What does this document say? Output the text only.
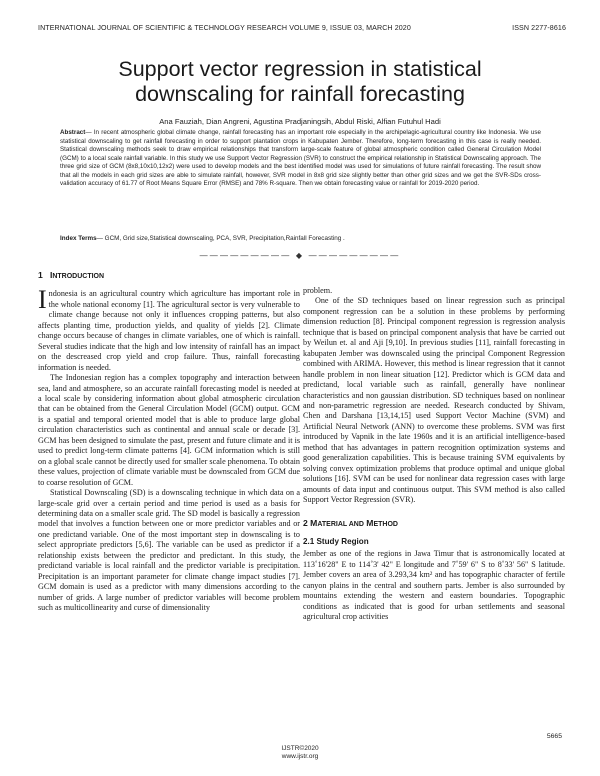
INTERNATIONAL JOURNAL OF SCIENTIFIC & TECHNOLOGY RESEARCH VOLUME 9, ISSUE 03, MARCH 2020	ISSN 2277-8616
Support vector regression in statistical downscaling for rainfall forecasting
Ana Fauziah, Dian Angreni, Agustina Pradjaningsih, Abdul Riski, Alfian Futuhul Hadi
Abstract— In recent atmospheric global climate change, rainfall forecasting has an important role especially in the archipelagic-agricultural country like Indonesia. We use statistical downscaling to get rainfall forecasting in order to support plantation crops in Kabupaten Jember. Therefore, long-term forecasting in this case is really needed. Statistical downscaling methods seek to draw empirical relationships that transform large-scale feature of global atmospheric condition called General Circulation Model (GCM) to a local scale rainfall variable. In this study we use Support Vector Regression (SVR) to construct the empirical relationship in Statistical Downscaling approach. The three grid size of GCM (8x8,10x10,12x2) were used to develop models and the best identified model was used for simulations of future rainfall forecasting. The result show that all the models in each grid sizes are able to simulate rainfall, however, SVR model in 8x8 grid size slightly better than other grid sizes and we get the SVR-SDs cross-validation accuracy of 61.77 of Root Means Square Error (RMSE) and 78% R-square. Then we obtain forecasting value or rainfall for 2019-2020 period.
Index Terms— GCM, Grid size,Statistical downscaling, PCA, SVR, Precipitation,Rainfall Forecasting .
————————— ◆ —————————
1 INTRODUCTION

Indonesia is an agricultural country which agriculture has important role in the whole national economy [1]. The agricultural sector is very vulnerable to climate change because not only it influences cropping patterns, but also affects planting time, production yields, and quality of yields [2]. Climate change occurs because of changes in climate variables, one of which is rainfall. Several studies indicate that the high and low intensity of rainfall has an impact on the descreased crop yield and crop failure. Thus, rainfall forecasting information is needed.

The Indonesian region has a complex topography and interaction between sea, land and atmosphere, so an accurate rainfall forecasting model is needed at a local scale by considering information about global atmospheric circulation that can be obtained from the General Circulation Model (GCM) output. GCM is a spatial and temporal oriented model that is able to produce large global circulation characteristics such as continental and annual scale or decade [3]. GCM has been designed to simulate the past, present and future climate and it is used to predict long-term climate patterns [4]. GCM information which is still on a global scale cannot be directly used for smaller scale phenomena. To obtain these values, projection of climate variable must be downscaled from GCM due to coarse resolution of GCM.

Statistical Downscaling (SD) is a downscaling technique in which data on a large-scale grid over a certain period and time period is used as a basis for determining data on a smaller scale grid. The SD model is basically a regression model that involves a function between one or more predictor variables and or one predictand variable. One of the most important step in downscaling is to select appropriate predictors [5,6]. The variable can be used as predictor if a relationship exists between the predictor and predictant. In this study, the predictand variable is local rainfall and the predictor variable is precipitation. Precipitation is an important parameter for climate change impact studies [7]. GCM domain is used as a predictor with many dimensions according to the number of grids. A large number of predictor variables will become problem such as multicollinearity and curse of dimensionality

problem.

One of the SD techniques based on linear regression such as principal component regression can be a solution in these problems by performing dimension reduction [8]. Principal component regression is regression analysis technique that is based on principal component analysis that have be carried out by Weilun et. al and Aji [9,10]. In previous studies [11], rainfall forecasting in kabupaten Jember was downscaled using the principal Component Regression combined with ARIMA. However, this method is linear regression that it cannot handle problem in non linear situation [12]. Predictor which is GCM data and predictand, local variable such as rainfall, generally have nonlinear characteristics and non gaussian distribution. SD techniques based on nonlinear and non-parametric regression are needed. Research conducted by Shivam, Chen and Darshana [13,14,15] used Support Vector Machine (SVM) and Artificial Neural Network (ANN) to overcome these problems. SVM was first introduced by Vapnik in the late 1960s and it is an artificial intelligence-based method that has advantages in pattern recognition optimization systems and good generalization capabilities. This is because training SVM equivalents by solving convex optimization problems that produce optimal and unique global solutions [16]. SVM can be used for nonlinear data regression cases with large amounts of data input and continuous output. This SVM method is also called Support Vector Regression (SVR).

2 MATERIAL AND METHOD
2.1 Study Region

Jember as one of the regions in Jawa Timur that is astronomically located at 113˚16'28" E to 114˚3' 42" E longitude and 7˚59' 6" S to 8˚33' 56" S latitude. Jember covers an area of 3.293,34 km² and has topographic character of fertile canyon plains in the central and southern parts. Jember is also surrounded by mountains extending the western and eastern boundaries. Topographic conditions as indicated that is good for urban settlements and seasonal agricultural crop activities

5665
IJSTR©2020
www.ijstr.org
